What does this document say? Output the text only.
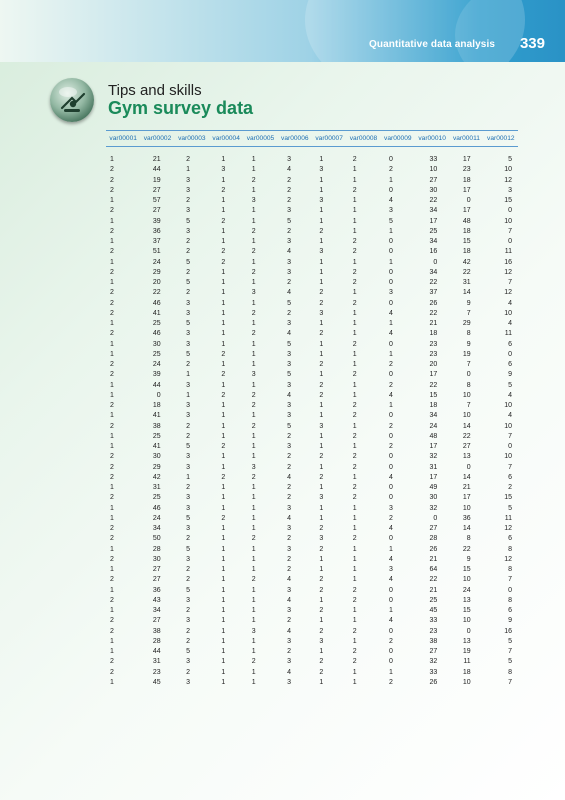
Quantitative data analysis 339
Tips and skills
Gym survey data
var00001	var00002	var00003	var00004	var00005	var00006	var00007	var00008	var00009	var00010	var00011	var00012
1	21	2	1	1	3	1	2	0	33	17	5
2	44	1	3	1	4	3	1	2	10	23	10
2	19	3	1	2	2	1	1	1	27	18	12
2	27	3	2	1	2	1	2	0	30	17	3
1	57	2	1	3	2	3	1	4	22	0	15
2	27	3	1	1	3	1	1	3	34	17	0
1	39	5	2	1	5	1	1	5	17	48	10
2	36	3	1	2	2	2	1	1	25	18	7
1	37	2	1	1	3	1	2	0	34	15	0
2	51	2	2	2	4	3	2	0	16	18	11
1	24	5	2	1	3	1	1	1	0	42	16
2	29	2	1	2	3	1	2	0	34	22	12
1	20	5	1	1	2	1	2	0	22	31	7
2	22	2	1	3	4	2	1	3	37	14	12
2	46	3	1	1	5	2	2	0	26	9	4
2	41	3	1	2	2	3	1	4	22	7	10
1	25	5	1	1	3	1	1	1	21	29	4
2	46	3	1	2	4	2	1	4	18	8	11
1	30	3	1	1	5	1	2	0	23	9	6
1	25	5	2	1	3	1	1	1	23	19	0
2	24	2	1	1	3	2	1	2	20	7	6
2	39	1	2	3	5	1	2	0	17	0	9
1	44	3	1	1	3	2	1	2	22	8	5
1	0	1	2	2	4	2	1	4	15	10	4
2	18	3	1	2	3	1	2	1	18	7	10
1	41	3	1	1	3	1	2	0	34	10	4
2	38	2	1	2	5	3	1	2	24	14	10
1	25	2	1	1	2	1	2	0	48	22	7
1	41	5	2	1	3	1	1	2	17	27	0
2	30	3	1	1	2	2	2	0	32	13	10
2	29	3	1	3	2	1	2	0	31	0	7
2	42	1	2	2	4	2	1	4	17	14	6
1	31	2	1	1	2	1	2	0	49	21	2
2	25	3	1	1	2	3	2	0	30	17	15
1	46	3	1	1	3	1	1	3	32	10	5
1	24	5	2	1	4	1	1	2	0	36	11
2	34	3	1	1	3	2	1	4	27	14	12
2	50	2	1	2	2	3	2	0	28	8	6
1	28	5	1	1	3	2	1	1	26	22	8
2	30	3	1	1	2	1	1	4	21	9	12
1	27	2	1	1	2	1	1	3	64	15	8
2	27	2	1	2	4	2	1	4	22	10	7
1	36	5	1	1	3	2	2	0	21	24	0
2	43	3	1	1	4	1	2	0	25	13	8
1	34	2	1	1	3	2	1	1	45	15	6
2	27	3	1	1	2	1	1	4	33	10	9
2	38	2	1	3	4	2	2	0	23	0	16
1	28	2	1	1	3	3	1	2	38	13	5
1	44	5	1	1	2	1	2	0	27	19	7
2	31	3	1	2	3	2	2	0	32	11	5
2	23	2	1	1	4	2	1	1	33	18	8
1	45	3	1	1	3	1	1	2	26	10	7
